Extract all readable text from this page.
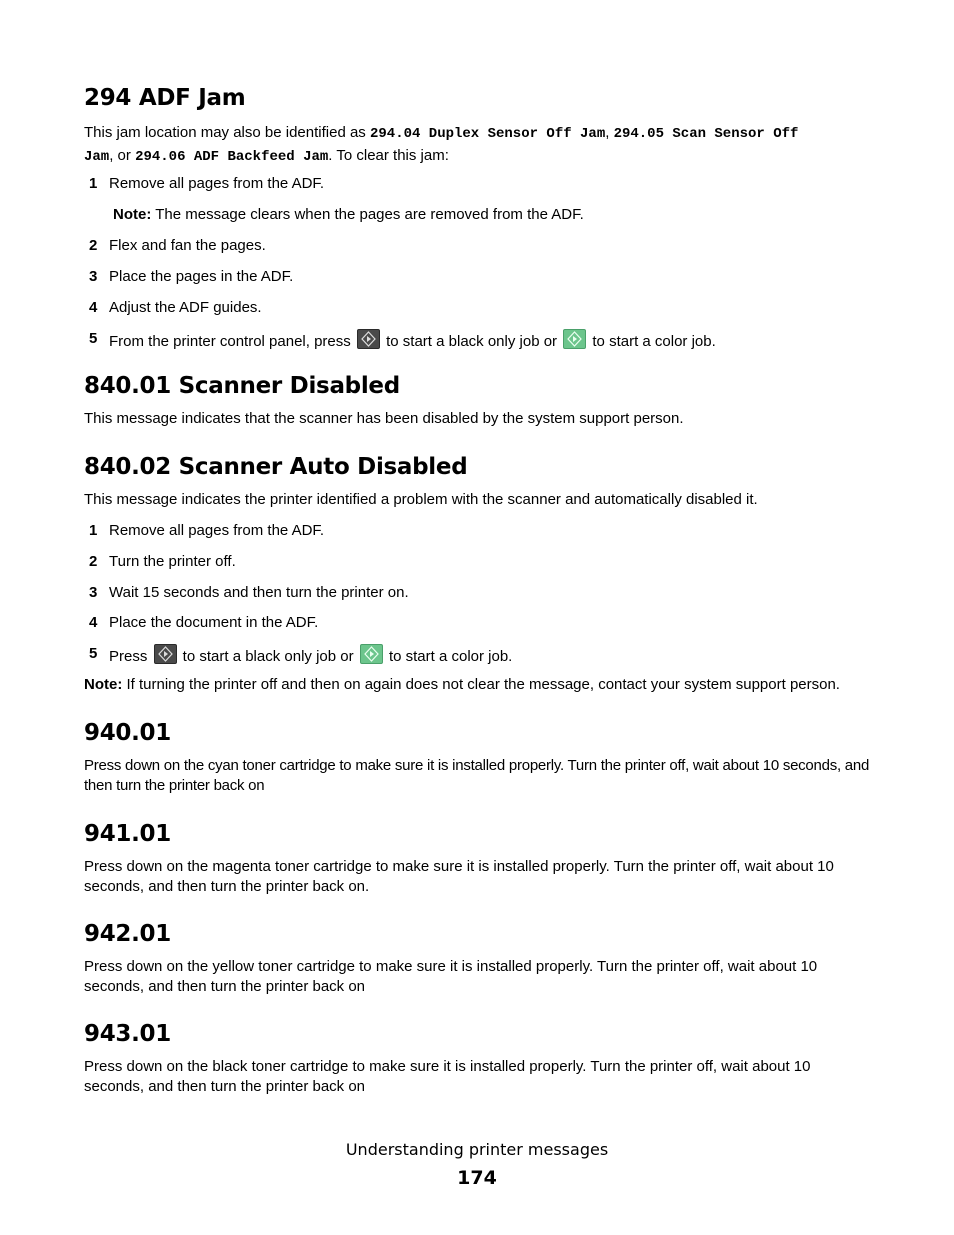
294 ADF Jam

This jam location may also be identified as 294.04 Duplex Sensor Off Jam, 294.05 Scan Sensor Off
Jam, or 294.06 ADF Backfeed Jam. To clear this jam:

1 Remove all pages from the ADF.
Note: The message clears when the pages are removed from the ADF.
2 Flex and fan the pages.
3 Place the pages in the ADF.
4 Adjust the ADF guides.
5 From the printer control panel, press
to start a black only job or
to start a color job.
840.01 Scanner Disabled

This message indicates that the scanner has been disabled by the system support person.

840.02 Scanner Auto Disabled

This message indicates the printer identified a problem with the scanner and automatically disabled it.

1 Remove all pages from the ADF.
2 Turn the printer off.
3 Wait 15 seconds and then turn the printer on.
4 Place the document in the ADF.
5 Press
to start a black only job or
to start a color job.
Note: If turning the printer off and then on again does not clear the message, contact your system support person.
940.01

Press down on the cyan toner cartridge to make sure it is installed properly. Turn the printer off, wait about 10 seconds, and then turn the printer back on

941.01

Press down on the magenta toner cartridge to make sure it is installed properly. Turn the printer off, wait about 10 seconds, and then turn the printer back on.

942.01

Press down on the yellow toner cartridge to make sure it is installed properly. Turn the printer off, wait about 10 seconds, and then turn the printer back on

943.01

Press down on the black toner cartridge to make sure it is installed properly. Turn the printer off, wait about 10 seconds, and then turn the printer back on

Understanding printer messages
174
